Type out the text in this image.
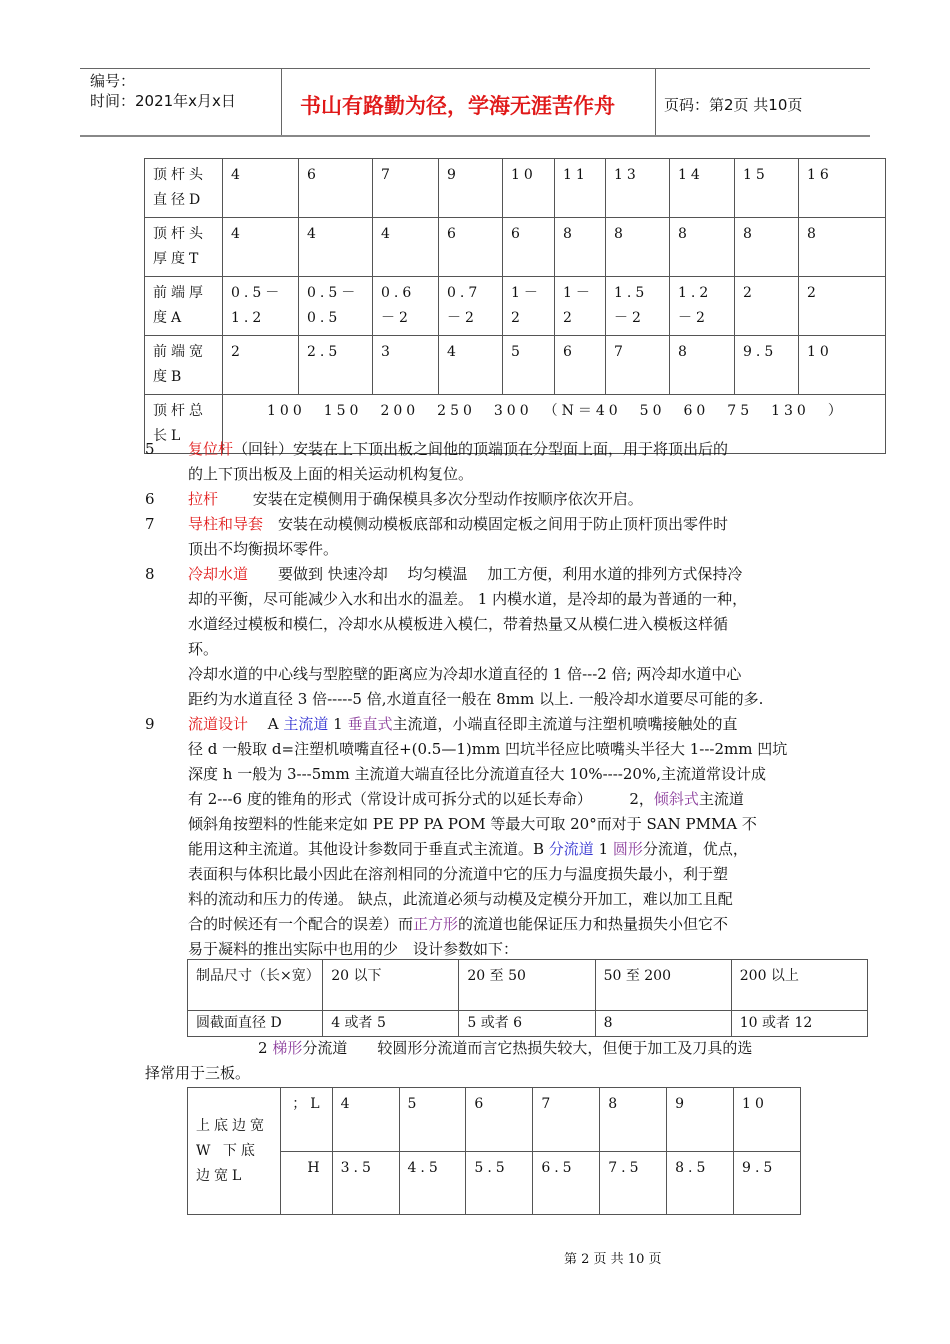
编号：
时间：2021年x月x日	书山有路勤为径，学海无涯苦作舟	页码：第2页 共10页
顶杆头直径D	4	6	7	9	10	11	13	14	15	16
顶杆头厚度T	4	4	4	6	6	8	8	8	8	8
前端厚度A	0.5－1.2	0.5－0.5	0.6－2	0.7－2	1－2	1－2	1.5－2	1.2－2	2	2
前端宽度B	2	2.5	3	4	5	6	7	8	9.5	10
顶杆总长L	　　100　150　200　250　300　（N＝40　50　60　75　130　）									
5 复位杆（回针）安装在上下顶出板之间他的顶端顶在分型面上面，用于将顶出后的
的上下顶出板及上面的相关运动机构复位。
6 拉杆　　 安装在定模侧用于确保模具多次分型动作按顺序依次开启。
7 导柱和导套　安装在动模侧动模板底部和动模固定板之间用于防止顶杆顶出零件时
顶出不均衡损坏零件。
8 冷却水道　　要做到 快速冷却　 均匀模温　 加工方便，利用水道的排列方式保持冷
却的平衡，尽可能减少入水和出水的温差。 1 内模水道，是冷却的最为普通的一种，
水道经过模板和模仁，冷却水从模板进入模仁，带着热量又从模仁进入模板这样循
环。
冷却水道的中心线与型腔壁的距离应为冷却水道直径的 1 倍---2 倍; 两冷却水道中心
距约为水道直径 3 倍-----5 倍,水道直径一般在 8mm 以上. 一般冷却水道要尽可能的多.
9 流道设计　 A 主流道 1 垂直式主流道，小端直径即主流道与注塑机喷嘴接触处的直
径 d 一般取 d=注塑机喷嘴直径+(0.5—1)mm 凹坑半径应比喷嘴头半径大 1---2mm 凹坑
深度 h 一般为 3---5mm 主流道大端直径比分流道直径大 10%----20%,主流道常设计成
有 2---6 度的锥角的形式（常设计成可拆分式的以延长寿命）　　　2，倾斜式主流道
倾斜角按塑料的性能来定如 PE PP PA POM 等最大可取 20°而对于 SAN PMMA 不
能用这种主流道。其他设计参数同于垂直式主流道。B 分流道 1 圆形分流道，优点，
表面积与体积比最小因此在溶剂相同的分流道中它的压力与温度损失最小，利于塑
料的流动和压力的传递。 缺点，此流道必须与动模及定模分开加工，难以加工且配
合的时候还有一个配合的误差）而正方形的流道也能保证压力和热量损失小但它不
易于凝料的推出实际中也用的少　设计参数如下：
2 梯形分流道　　较圆形分流道而言它热损失较大，但便于加工及刀具的选
择常用于三板。
制品尺寸（长×宽）	20 以下	20 至 50	50 至 200	200 以上
圆截面直径 D	4 或者 5	5 或者 6	8	10 或者 12
上底边宽W 下底边宽L	；L	4	5	6	7	8	9	10
	H	3.5	4.5	5.5	6.5	7.5	8.5	9.5
第 2 页 共 10 页
